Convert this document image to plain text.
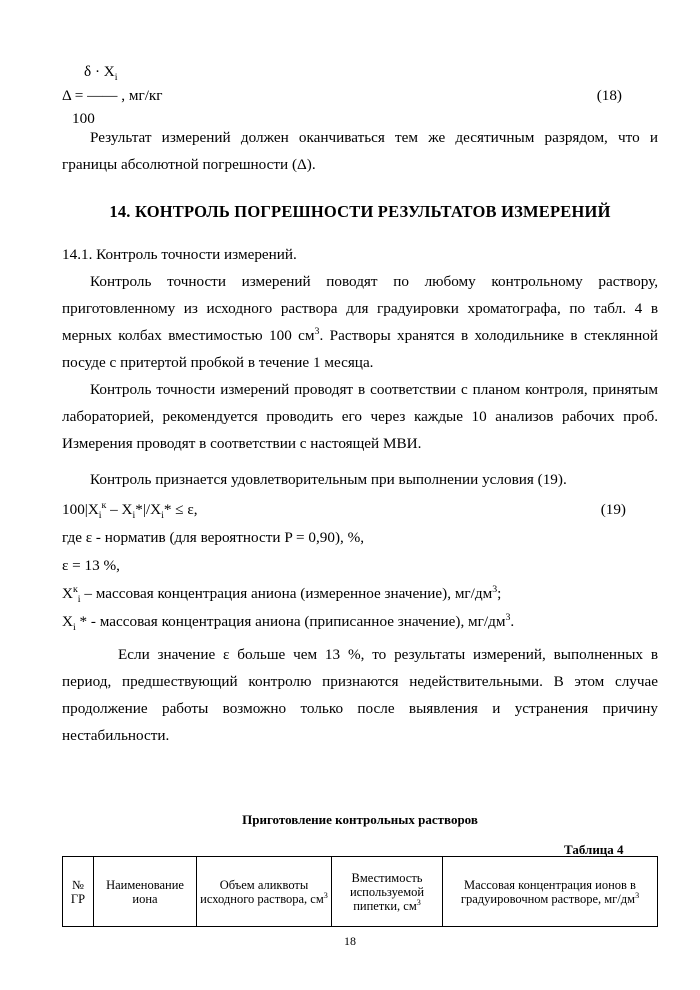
$\delta \cdot X_i$
Δ = —— , мг/кг	(18)
100
Результат измерений должен оканчиваться тем же десятичным разрядом, что и границы абсолютной погрешности (Δ).
14. КОНТРОЛЬ ПОГРЕШНОСТИ РЕЗУЛЬТАТОВ ИЗМЕРЕНИЙ
14.1. Контроль точности измерений.
Контроль точности измерений поводят по любому контрольному раствору, приготовленному из исходного раствора для градуировки хроматографа, по табл. 4 в мерных колбах вместимостью 100 $см^3$. Растворы хранятся в холодильнике в стеклянной посуде с притертой пробкой в течение 1 месяца.
Контроль точности измерений проводят в соответствии с планом контроля, принятым лабораторией, рекомендуется проводить его через каждые 10 анализов рабочих проб. Измерения проводят в соответствии с настоящей МВИ.
Контроль признается удовлетворительным при выполнении условия (19).
$100|X_i^к - X_i*|/X_i* \le \varepsilon$,	(19)
где ε - норматив (для вероятности P = 0,90), %,
ε = 13 %,
$X^к_i$ – массовая концентрация аниона (измеренное значение), $мг/дм^3$;
$X_i$ * - массовая концентрация аниона (приписанное значение), $мг/дм^3$.
Если значение ε больше чем 13 %, то результаты измерений, выполненных в период, предшествующий контролю признаются недействительными. В этом случае продолжение работы возможно только после выявления и устранения причину нестабильности.
Приготовление контрольных растворов
Таблица 4
№ ГР	Наименование иона	Объем аликвоты исходного раствора, $см^3$	Вместимость используемой пипетки, $см^3$	Массовая концентрация ионов в градуировочном растворе, $мг/дм^3$
18
